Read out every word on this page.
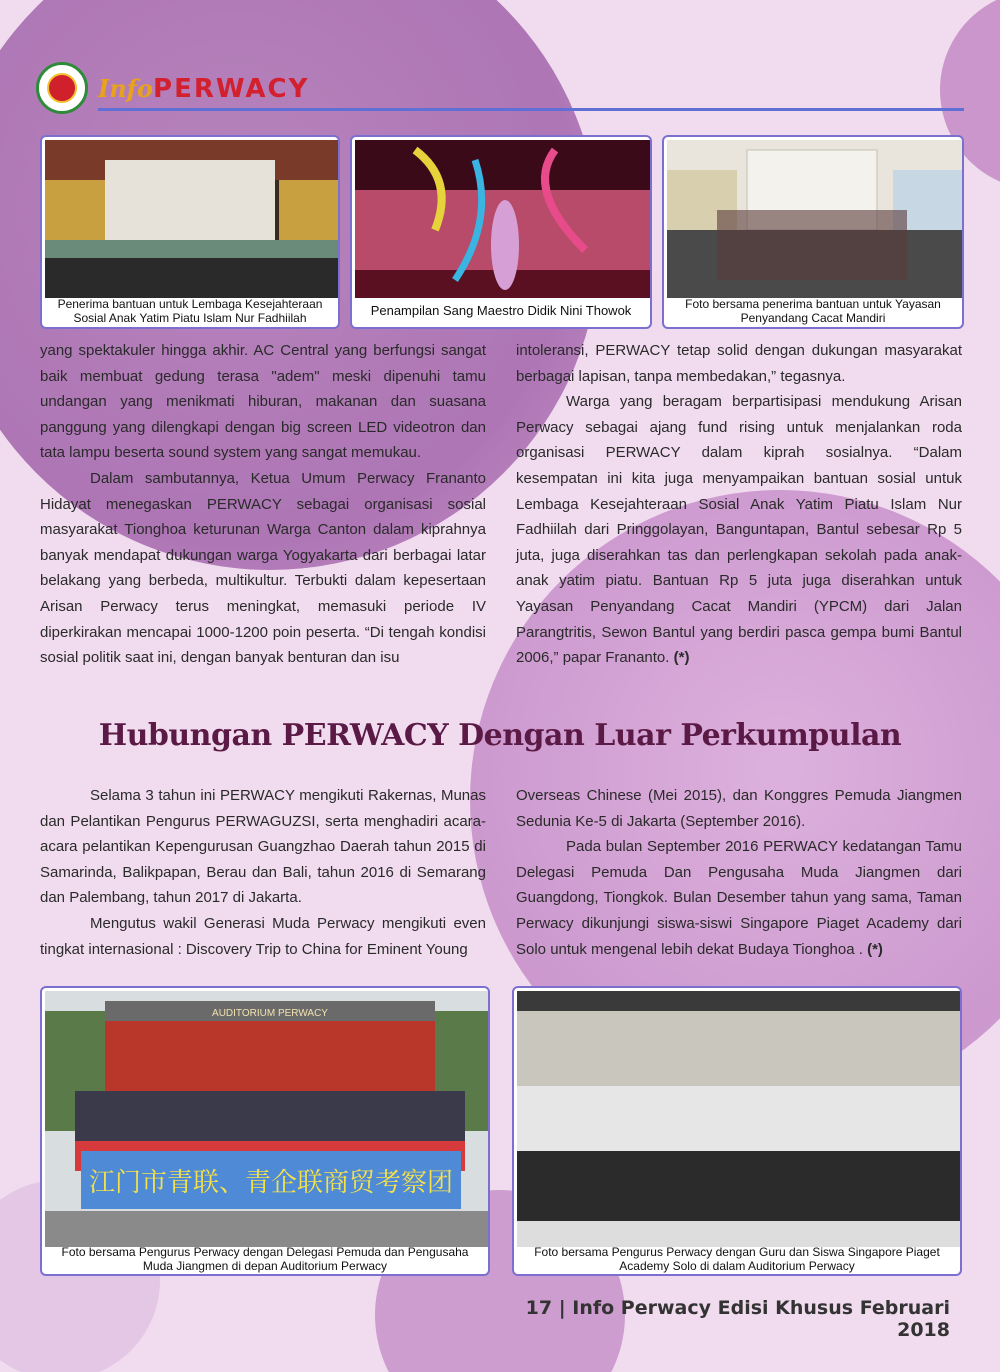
InfoPERWACY
Penerima bantuan untuk Lembaga Kesejahteraan Sosial Anak Yatim Piatu Islam Nur Fadhiilah	Penampilan Sang Maestro Didik Nini Thowok	Foto bersama penerima bantuan untuk Yayasan Penyandang Cacat Mandiri

yang spektakuler hingga akhir. AC Central yang berfungsi sangat baik membuat gedung terasa "adem" meski dipenuhi tamu undangan yang menikmati hiburan, makanan dan suasana panggung yang dilengkapi dengan big screen LED videotron dan tata lampu beserta sound system yang sangat memukau.

Dalam sambutannya, Ketua Umum Perwacy Frananto Hidayat menegaskan PERWACY sebagai organisasi sosial masyarakat Tionghoa keturunan Warga Canton dalam kiprahnya banyak mendapat dukungan warga Yogyakarta dari berbagai latar belakang yang berbeda, multikultur. Terbukti dalam kepesertaan Arisan Perwacy terus meningkat, memasuki periode IV diperkirakan mencapai 1000-1200 poin peserta. “Di tengah kondisi sosial politik saat ini, dengan banyak benturan dan isu

intoleransi, PERWACY tetap solid dengan dukungan masyarakat berbagai lapisan, tanpa membedakan,” tegasnya.

Warga yang beragam berpartisipasi mendukung Arisan Perwacy sebagai ajang fund rising untuk menjalankan roda organisasi PERWACY dalam kiprah sosialnya. “Dalam kesempatan ini kita juga menyampaikan bantuan sosial untuk Lembaga Kesejahteraan Sosial Anak Yatim Piatu Islam Nur Fadhiilah dari Pringgolayan, Banguntapan, Bantul sebesar Rp 5 juta, juga diserahkan tas dan perlengkapan sekolah pada anak-anak yatim piatu. Bantuan Rp 5 juta juga diserahkan untuk Yayasan Penyandang Cacat Mandiri (YPCM) dari Jalan Parangtritis, Sewon Bantul yang berdiri pasca gempa bumi Bantul 2006,” papar Frananto. (*)

Hubungan PERWACY Dengan Luar Perkumpulan

Selama 3 tahun ini PERWACY mengikuti Rakernas, Munas dan Pelantikan Pengurus PERWAGUZSI, serta menghadiri acara-acara pelantikan Kepengurusan Guangzhao Daerah tahun 2015 di Samarinda, Balikpapan, Berau dan Bali, tahun 2016 di Semarang dan Palembang, tahun 2017 di Jakarta.

Mengutus wakil Generasi Muda Perwacy mengikuti even tingkat internasional : Discovery Trip to China for Eminent Young

Overseas Chinese (Mei 2015), dan Konggres Pemuda Jiangmen Sedunia Ke-5 di Jakarta (September 2016).

Pada bulan September 2016 PERWACY kedatangan Tamu Delegasi Pemuda Dan Pengusaha Muda Jiangmen dari Guangdong, Tiongkok. Bulan Desember tahun yang sama, Taman Perwacy dikunjungi siswa-siswi Singapore Piaget Academy dari Solo untuk mengenal lebih dekat Budaya Tionghoa . (*)

AUDITORIUM PERWACY
江门市青联、青企联商贸考察团
Foto bersama Pengurus Perwacy dengan Delegasi Pemuda dan Pengusaha Muda Jiangmen di depan Auditorium Perwacy
Foto bersama Pengurus Perwacy dengan Guru dan Siswa Singapore Piaget Academy Solo di dalam Auditorium Perwacy
17 | Info Perwacy Edisi Khusus Februari 2018
